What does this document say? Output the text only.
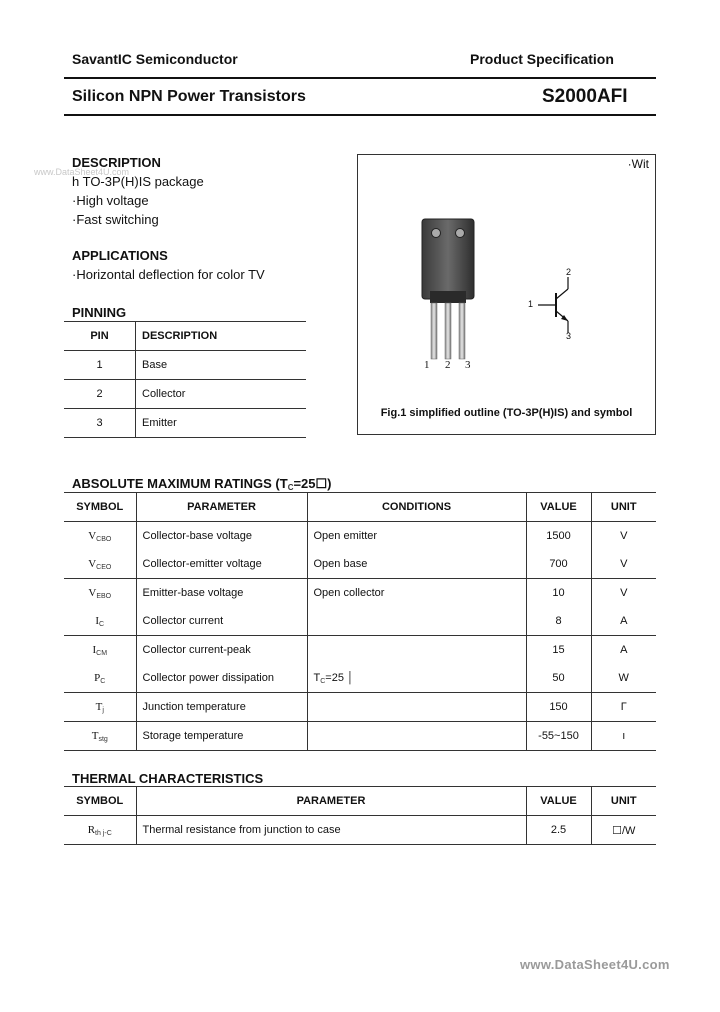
SavantIC Semiconductor	Product Specification
Silicon NPN Power Transistors	S2000AFI
www.DataSheet4U.com
DESCRIPTION
h TO-3P(H)IS package
·High voltage
·Fast switching
APPLICATIONS
·Horizontal deflection for color TV
PINNING
PIN	DESCRIPTION
1	Base
2	Collector
3	Emitter
·Wit
1 2 3
2
1
3
Fig.1 simplified outline (TO-3P(H)IS) and symbol
ABSOLUTE MAXIMUM RATINGS $(T_C=25☐)$
SYMBOL	PARAMETER	CONDITIONS	VALUE	UNIT
$V_{CBO}$	Collector-base voltage	Open emitter	1500	V
$V_{CEO}$	Collector-emitter voltage	Open base	700	V
$V_{EBO}$	Emitter-base voltage	Open collector	10	V
$I_C$	Collector current		8	A
$I_{CM}$	Collector current-peak		15	A
$P_C$	Collector power dissipation	$T_C=25$ │	50	W
$T_j$	Junction temperature		150	Γ
$T_{stg}$	Storage temperature		-55~150	ı
THERMAL CHARACTERISTICS
SYMBOL	PARAMETER	VALUE	UNIT
$R_{th j-C}$	Thermal resistance from junction to case	2.5	☐/W
www.DataSheet4U.com
